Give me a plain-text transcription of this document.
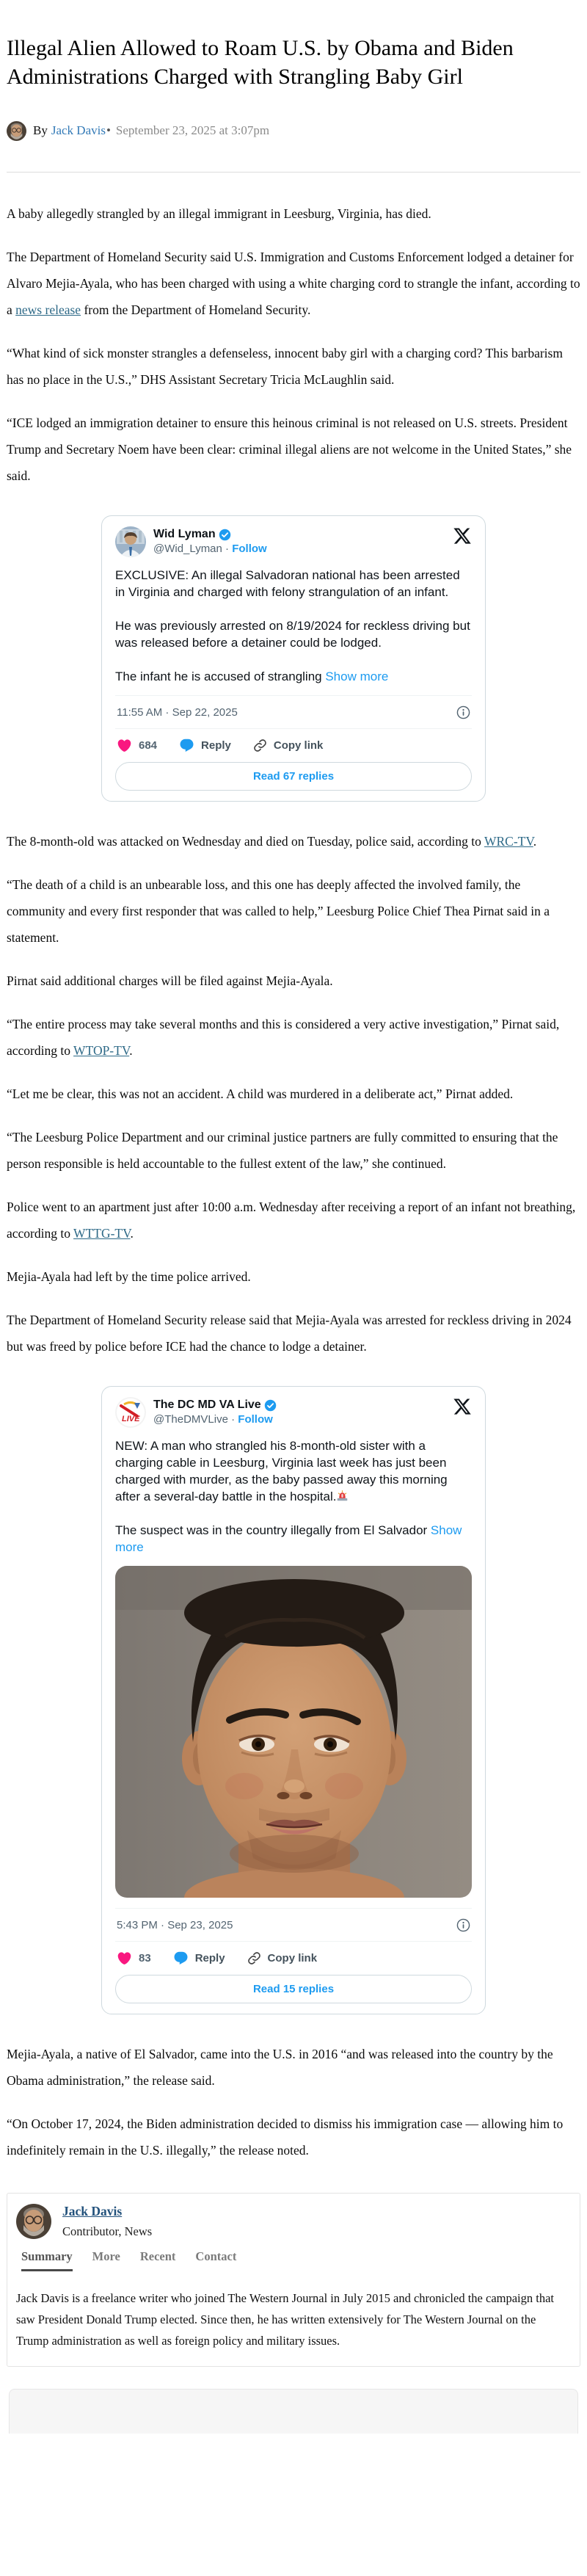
Illegal Alien Allowed to Roam U.S. by Obama and Biden Administrations Charged with Strangling Baby Girl
By Jack Davis • September 23, 2025 at 3:07pm

A baby allegedly strangled by an illegal immigrant in Leesburg, Virginia, has died.

The Department of Homeland Security said U.S. Immigration and Customs Enforcement lodged a detainer for Alvaro Mejia-Ayala, who has been charged with using a white charging cord to strangle the infant, according to a news release from the Department of Homeland Security.

“What kind of sick monster strangles a defenseless, innocent baby girl with a charging cord? This barbarism has no place in the U.S.,” DHS Assistant Secretary Tricia McLaughlin said.

“ICE lodged an immigration detainer to ensure this heinous criminal is not released on U.S. streets. President Trump and Secretary Noem have been clear: criminal illegal aliens are not welcome in the United States,” she said.

Wid Lyman
@Wid_Lyman · Follow

EXCLUSIVE: An illegal Salvadoran national has been arrested in Virginia and charged with felony strangulation of an infant.

He was previously arrested on 8/19/2024 for reckless driving but was released before a detainer could be lodged.

The infant he is accused of strangling Show more

11:55 AM · Sep 22, 2025
684	Reply	Copy link
Read 67 replies

The 8-month-old was attacked on Wednesday and died on Tuesday, police said, according to WRC-TV.

“The death of a child is an unbearable loss, and this one has deeply affected the involved family, the community and every first responder that was called to help,” Leesburg Police Chief Thea Pirnat said in a statement.

Pirnat said additional charges will be filed against Mejia-Ayala.

“The entire process may take several months and this is considered a very active investigation,” Pirnat said, according to WTOP-TV.

“Let me be clear, this was not an accident. A child was murdered in a deliberate act,” Pirnat added.

“The Leesburg Police Department and our criminal justice partners are fully committed to ensuring that the person responsible is held accountable to the fullest extent of the law,” she continued.

Police went to an apartment just after 10:00 a.m. Wednesday after receiving a report of an infant not breathing, according to WTTG-TV.

Mejia-Ayala had left by the time police arrived.

The Department of Homeland Security release said that Mejia-Ayala was arrested for reckless driving in 2024 but was freed by police before ICE had the chance to lodge a detainer.

LIVE
The DC MD VA Live
@TheDMVLive · Follow

NEW: A man who strangled his 8-month-old sister with a charging cable in Leesburg, Virginia last week has just been charged with murder, as the baby passed away this morning after a several-day battle in the hospital.

The suspect was in the country illegally from El Salvador Show more

5:43 PM · Sep 23, 2025
83	Reply	Copy link
Read 15 replies

Mejia-Ayala, a native of El Salvador, came into the U.S. in 2016 “and was released into the country by the Obama administration,” the release said.

“On October 17, 2024, the Biden administration decided to dismiss his immigration case — allowing him to indefinitely remain in the U.S. illegally,” the release noted.

Jack Davis
Contributor, News
Summary More Recent Contact
Jack Davis is a freelance writer who joined The Western Journal in July 2015 and chronicled the campaign that saw President Donald Trump elected. Since then, he has written extensively for The Western Journal on the Trump administration as well as foreign policy and military issues.
